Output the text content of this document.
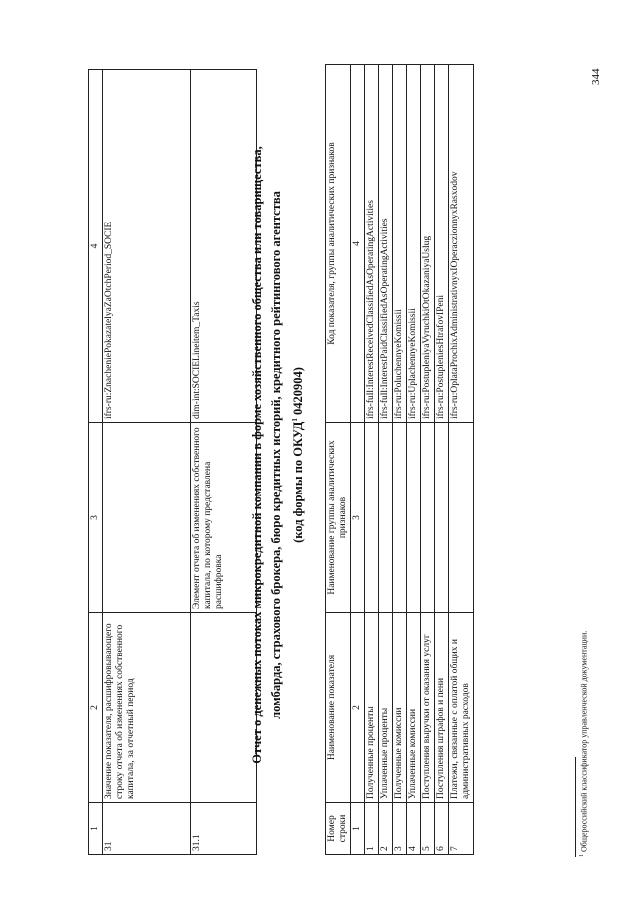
1	2	3	4
31	Значение показателя, расшифровывающего строку отчета об изменениях собственного капитала, за отчетный период		ifrs-ru:ZnacheniePokazatelyaZaOtchPeriod_SOCIE
31.1		Элемент отчета об изменениях собственного капитала, по которому представлена расшифровка	dim-int:SOCIELineitem_Taxis	Отчет о денежных потоках микрокредитной компании в форме хозяйственного общества или товарищества, ломбарда, страхового брокера, бюро кредитных историй, кредитного рейтингового агентства (код формы по ОКУД$^1$ 0420904)
Номер строки	Наименование показателя	Наименование группы аналитических признаков	Код показателя, группы аналитических признаков
1	2	3	4
1	Полученные проценты		ifrs-full:InterestReceivedClassifiedAsOperatingActivities
2	Уплаченные проценты		ifrs-full:InterestPaidClassifiedAsOperatingActivities
3	Полученные комиссии		ifrs-ru:PoluchennyeKomissii
4	Уплаченные комиссии		ifrs-ru:UplachennyeKomissii
5	Поступления выручки от оказания услуг		ifrs-ru:PostupleniyaVyruchkiOtOkazaniyaUslug
6	Поступления штрафов и пени		ifrs-ru:PostupleniesHtrafovIPeni
7	Платежи, связанные с оплатой общих и административных расходов		ifrs-ru:OplataProchixAdministrativnyxIOperaczionnyxRasxodov
$^1$ Общероссийский классификатор управленческой документации.
344
